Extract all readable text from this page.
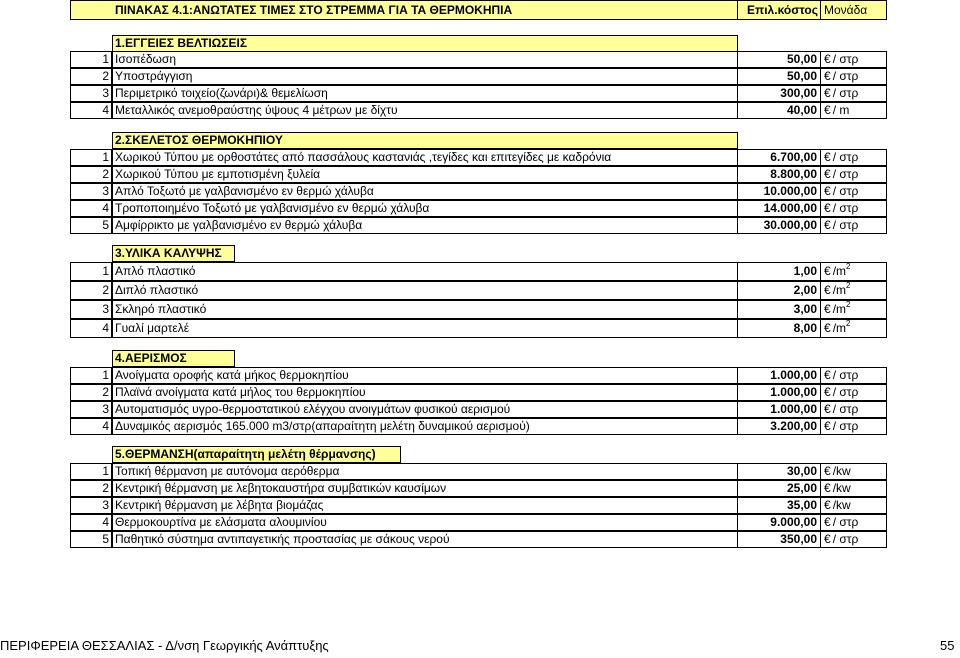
ΠΙΝΑΚΑΣ 4.1:ΑΝΩΤΑΤΕΣ ΤΙΜΕΣ ΣΤΟ ΣΤΡΕΜΜΑ ΓΙΑ ΤΑ ΘΕΡΜΟΚΗΠΙΑ	Επιλ.κόστος Μονάδα
1.ΕΓΓΕΙΕΣ ΒΕΛΤΙΩΣΕΙΣ
1 Ισοπέδωση	50,00 € / στρ
2 Υποστράγγιση	50,00 € / στρ
3 Περιμετρικό τοιχείο(ζωνάρι)& θεμελίωση	300,00 € / στρ
4 Μεταλλικός ανεμοθραύστης ύψους 4 μέτρων με δίχτυ	40,00 € / m
2.ΣΚΕΛΕΤΟΣ ΘΕΡΜΟΚΗΠΙΟΥ
1 Χωρικού Τύπου με ορθοστάτες από πασσάλους καστανιάς ,τεγίδες και επιτεγίδες με καδρόνια	6.700,00 € / στρ
2 Χωρικού Τύπου με εμποτισμένη ξυλεία	8.800,00 € / στρ
3 Απλό Τοξωτό με γαλβανισμένο εν θερμώ χάλυβα	10.000,00 € / στρ
4 Τροποποιημένο Τοξωτό με γαλβανισμένο εν θερμώ χάλυβα	14.000,00 € / στρ
5 Αμφίρρικτο με γαλβανισμένο εν θερμώ χάλυβα	30.000,00 € / στρ
3.ΥΛΙΚΑ ΚΑΛΥΨΗΣ
1 Απλό πλαστικό	1,00 € $/m^2$
2 Διπλό πλαστικό	2,00 € $/m^2$
3 Σκληρό πλαστικό	3,00 € $/m^2$
4 Γυαλί μαρτελέ	8,00 € $/m^2$
4.ΑΕΡΙΣΜΟΣ
1 Ανοίγματα οροφής κατά μήκος θερμοκηπίου	1.000,00 € / στρ
2 Πλαϊνά ανοίγματα κατά μήλος του θερμοκηπίου	1.000,00 € / στρ
3 Αυτοματισμός υγρο-θερμοστατικού ελέγχου ανοιγμάτων φυσικού αερισμού	1.000,00 € / στρ
4 Δυναμικός αερισμός 165.000 m3/στρ(απαραίτητη μελέτη δυναμικού αερισμού)	3.200,00 € / στρ
5.ΘΕΡΜΑΝΣΗ(απαραίτητη μελέτη θέρμανσης)
1 Τοπική θέρμανση με αυτόνομα αερόθερμα	30,00 € /kw
2 Κεντρική θέρμανση με λεβητοκαυστήρα συμβατικών καυσίμων	25,00 € /kw
3 Κεντρική θέρμανση με λέβητα βιομάζας	35,00 € /kw
4 Θερμοκουρτίνα με ελάσματα αλουμινίου	9.000,00 € / στρ
5 Παθητικό σύστημα αντιπαγετικής προστασίας με σάκους νερού	350,00 € / στρ
ΠΕΡΙΦΕΡΕΙΑ ΘΕΣΣΑΛΙΑΣ - Δ/νση Γεωργικής Ανάπτυξης	55
